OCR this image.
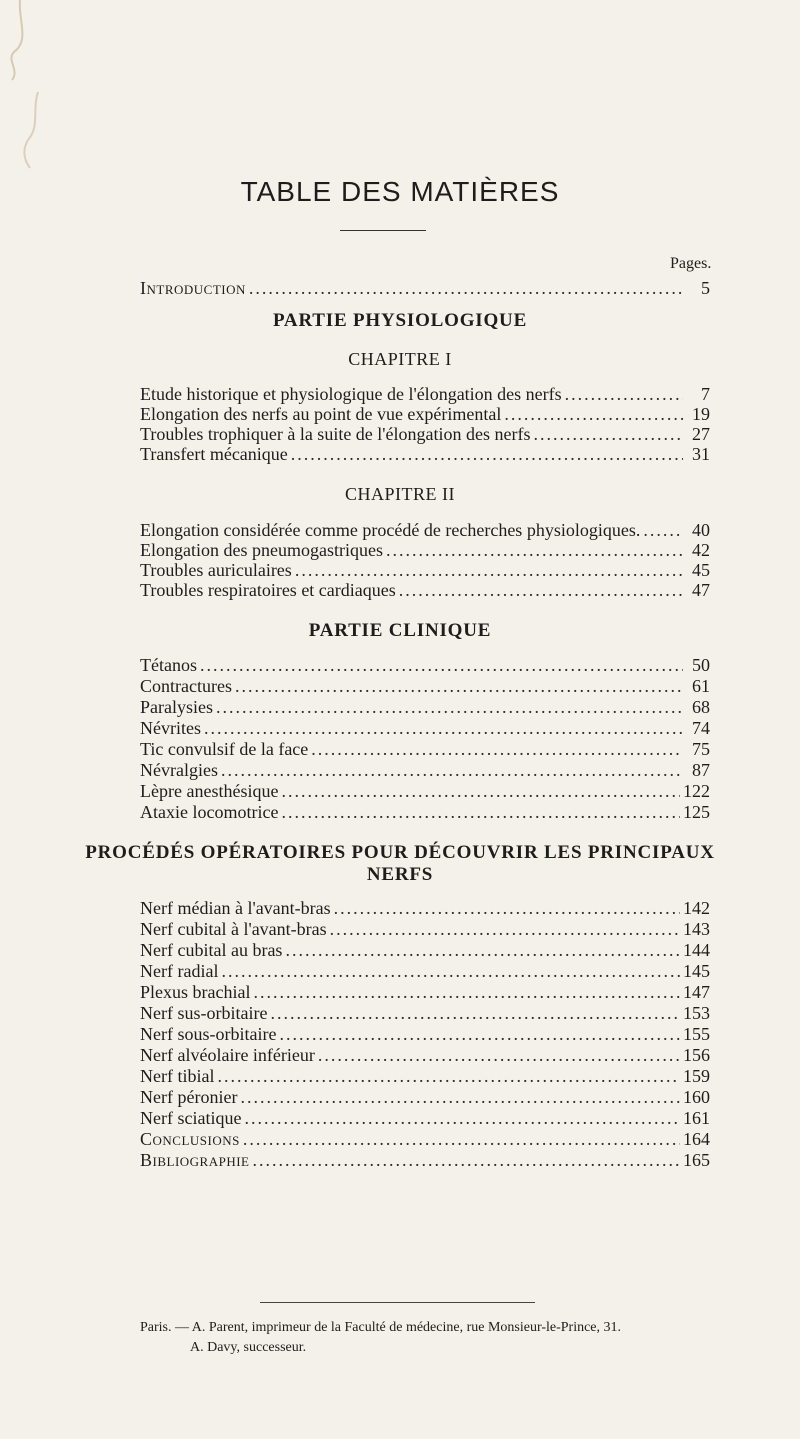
TABLE DES MATIÈRES
Pages.
Introduction .....	5
PARTIE PHYSIOLOGIQUE
CHAPITRE I
Etude historique et physiologique de l'élongation des nerfs .....	7
Elongation des nerfs au point de vue expérimental .....	19
Troubles trophiquer à la suite de l'élongation des nerfs .....	27
Transfert mécanique .....	31
CHAPITRE II
Elongation considérée comme procédé de recherches physiologiques. .....	40
Elongation des pneumogastriques .....	42
Troubles auriculaires .....	45
Troubles respiratoires et cardiaques .....	47
PARTIE CLINIQUE
Tétanos .....	50
Contractures .....	61
Paralysies .....	68
Névrites .....	74
Tic convulsif de la face .....	75
Névralgies .....	87
Lèpre anesthésique .....	122
Ataxie locomotrice .....	125
PROCÉDÉS OPÉRATOIRES POUR DÉCOUVRIR LES PRINCIPAUX
NERFS
Nerf médian à l'avant-bras .....	142
Nerf cubital à l'avant-bras .....	143
Nerf cubital au bras .....	144
Nerf radial .....	145
Plexus brachial .....	147
Nerf sus-orbitaire .....	153
Nerf sous-orbitaire .....	155
Nerf alvéolaire inférieur .....	156
Nerf tibial .....	159
Nerf péronier .....	160
Nerf sciatique .....	161
Conclusions .....	164
Bibliographie .....	165
Paris. — A. Parent, imprimeur de la Faculté de médecine, rue Monsieur-le-Prince, 31.
A. Davy, successeur.
